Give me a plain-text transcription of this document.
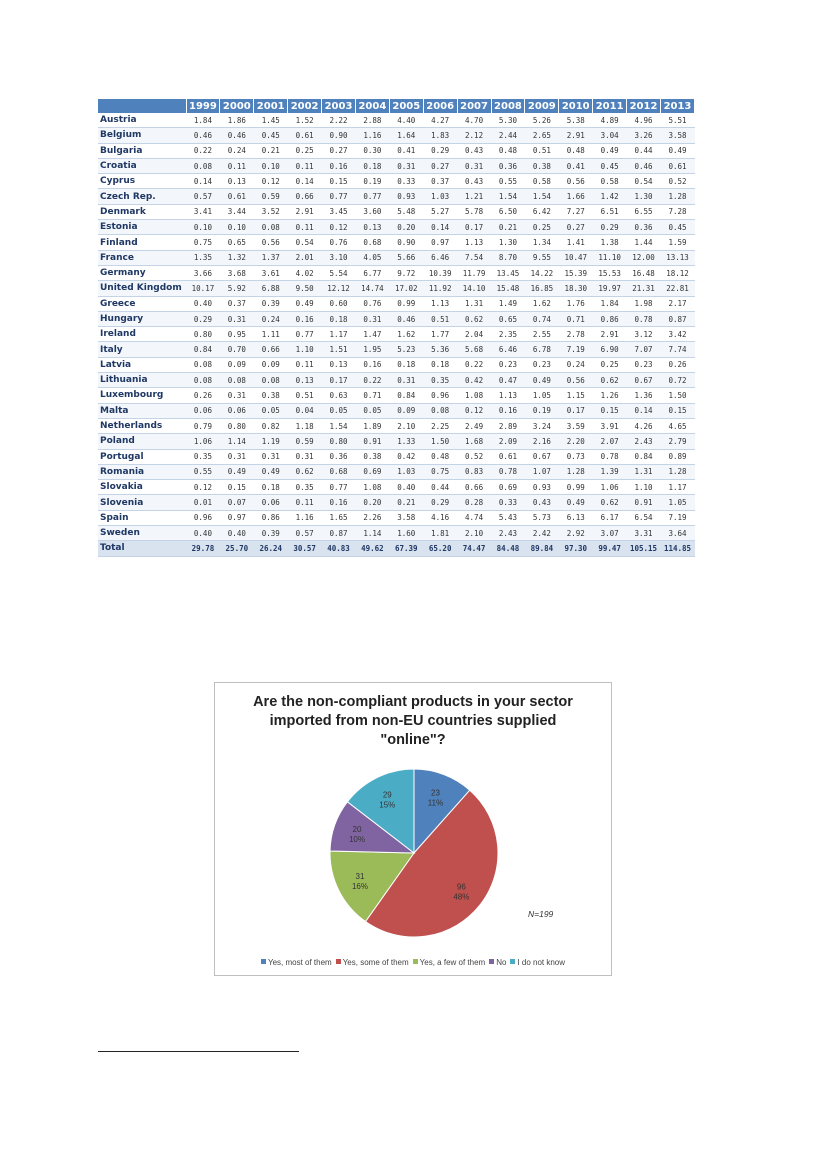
	1999	2000	2001	2002	2003	2004	2005	2006	2007	2008	2009	2010	2011	2012	2013
Austria	1.84	1.86	1.45	1.52	2.22	2.88	4.40	4.27	4.70	5.30	5.26	5.38	4.89	4.96	5.51
Belgium	0.46	0.46	0.45	0.61	0.90	1.16	1.64	1.83	2.12	2.44	2.65	2.91	3.04	3.26	3.58
Bulgaria	0.22	0.24	0.21	0.25	0.27	0.30	0.41	0.29	0.43	0.48	0.51	0.48	0.49	0.44	0.49
Croatia	0.08	0.11	0.10	0.11	0.16	0.18	0.31	0.27	0.31	0.36	0.38	0.41	0.45	0.46	0.61
Cyprus	0.14	0.13	0.12	0.14	0.15	0.19	0.33	0.37	0.43	0.55	0.58	0.56	0.58	0.54	0.52
Czech Rep.	0.57	0.61	0.59	0.66	0.77	0.77	0.93	1.03	1.21	1.54	1.54	1.66	1.42	1.30	1.28
Denmark	3.41	3.44	3.52	2.91	3.45	3.60	5.48	5.27	5.78	6.50	6.42	7.27	6.51	6.55	7.28
Estonia	0.10	0.10	0.08	0.11	0.12	0.13	0.20	0.14	0.17	0.21	0.25	0.27	0.29	0.36	0.45
Finland	0.75	0.65	0.56	0.54	0.76	0.68	0.90	0.97	1.13	1.30	1.34	1.41	1.38	1.44	1.59
France	1.35	1.32	1.37	2.01	3.10	4.05	5.66	6.46	7.54	8.70	9.55	10.47	11.10	12.00	13.13
Germany	3.66	3.68	3.61	4.02	5.54	6.77	9.72	10.39	11.79	13.45	14.22	15.39	15.53	16.48	18.12
United Kingdom	10.17	5.92	6.88	9.50	12.12	14.74	17.02	11.92	14.10	15.48	16.85	18.30	19.97	21.31	22.81
Greece	0.40	0.37	0.39	0.49	0.60	0.76	0.99	1.13	1.31	1.49	1.62	1.76	1.84	1.98	2.17
Hungary	0.29	0.31	0.24	0.16	0.18	0.31	0.46	0.51	0.62	0.65	0.74	0.71	0.86	0.78	0.87
Ireland	0.80	0.95	1.11	0.77	1.17	1.47	1.62	1.77	2.04	2.35	2.55	2.78	2.91	3.12	3.42
Italy	0.84	0.70	0.66	1.10	1.51	1.95	5.23	5.36	5.68	6.46	6.78	7.19	6.90	7.07	7.74
Latvia	0.08	0.09	0.09	0.11	0.13	0.16	0.18	0.18	0.22	0.23	0.23	0.24	0.25	0.23	0.26
Lithuania	0.08	0.08	0.08	0.13	0.17	0.22	0.31	0.35	0.42	0.47	0.49	0.56	0.62	0.67	0.72
Luxembourg	0.26	0.31	0.38	0.51	0.63	0.71	0.84	0.96	1.08	1.13	1.05	1.15	1.26	1.36	1.50
Malta	0.06	0.06	0.05	0.04	0.05	0.05	0.09	0.08	0.12	0.16	0.19	0.17	0.15	0.14	0.15
Netherlands	0.79	0.80	0.82	1.18	1.54	1.89	2.10	2.25	2.49	2.89	3.24	3.59	3.91	4.26	4.65
Poland	1.06	1.14	1.19	0.59	0.80	0.91	1.33	1.50	1.68	2.09	2.16	2.20	2.07	2.43	2.79
Portugal	0.35	0.31	0.31	0.31	0.36	0.38	0.42	0.48	0.52	0.61	0.67	0.73	0.78	0.84	0.89
Romania	0.55	0.49	0.49	0.62	0.68	0.69	1.03	0.75	0.83	0.78	1.07	1.28	1.39	1.31	1.28
Slovakia	0.12	0.15	0.18	0.35	0.77	1.08	0.40	0.44	0.66	0.69	0.93	0.99	1.06	1.10	1.17
Slovenia	0.01	0.07	0.06	0.11	0.16	0.20	0.21	0.29	0.28	0.33	0.43	0.49	0.62	0.91	1.05
Spain	0.96	0.97	0.86	1.16	1.65	2.26	3.58	4.16	4.74	5.43	5.73	6.13	6.17	6.54	7.19
Sweden	0.40	0.40	0.39	0.57	0.87	1.14	1.60	1.81	2.10	2.43	2.42	2.92	3.07	3.31	3.64
Total	29.78	25.70	26.24	30.57	40.83	49.62	67.39	65.20	74.47	84.48	89.84	97.30	99.47	105.15	114.85
23
11%
96
48%
31
16%
20
10%
29
15%
Are the non-compliant products in your sector
imported from non-EU countries supplied
"online"?
N=199
Yes, most of them Yes, some of them Yes, a few of them No I do not know
